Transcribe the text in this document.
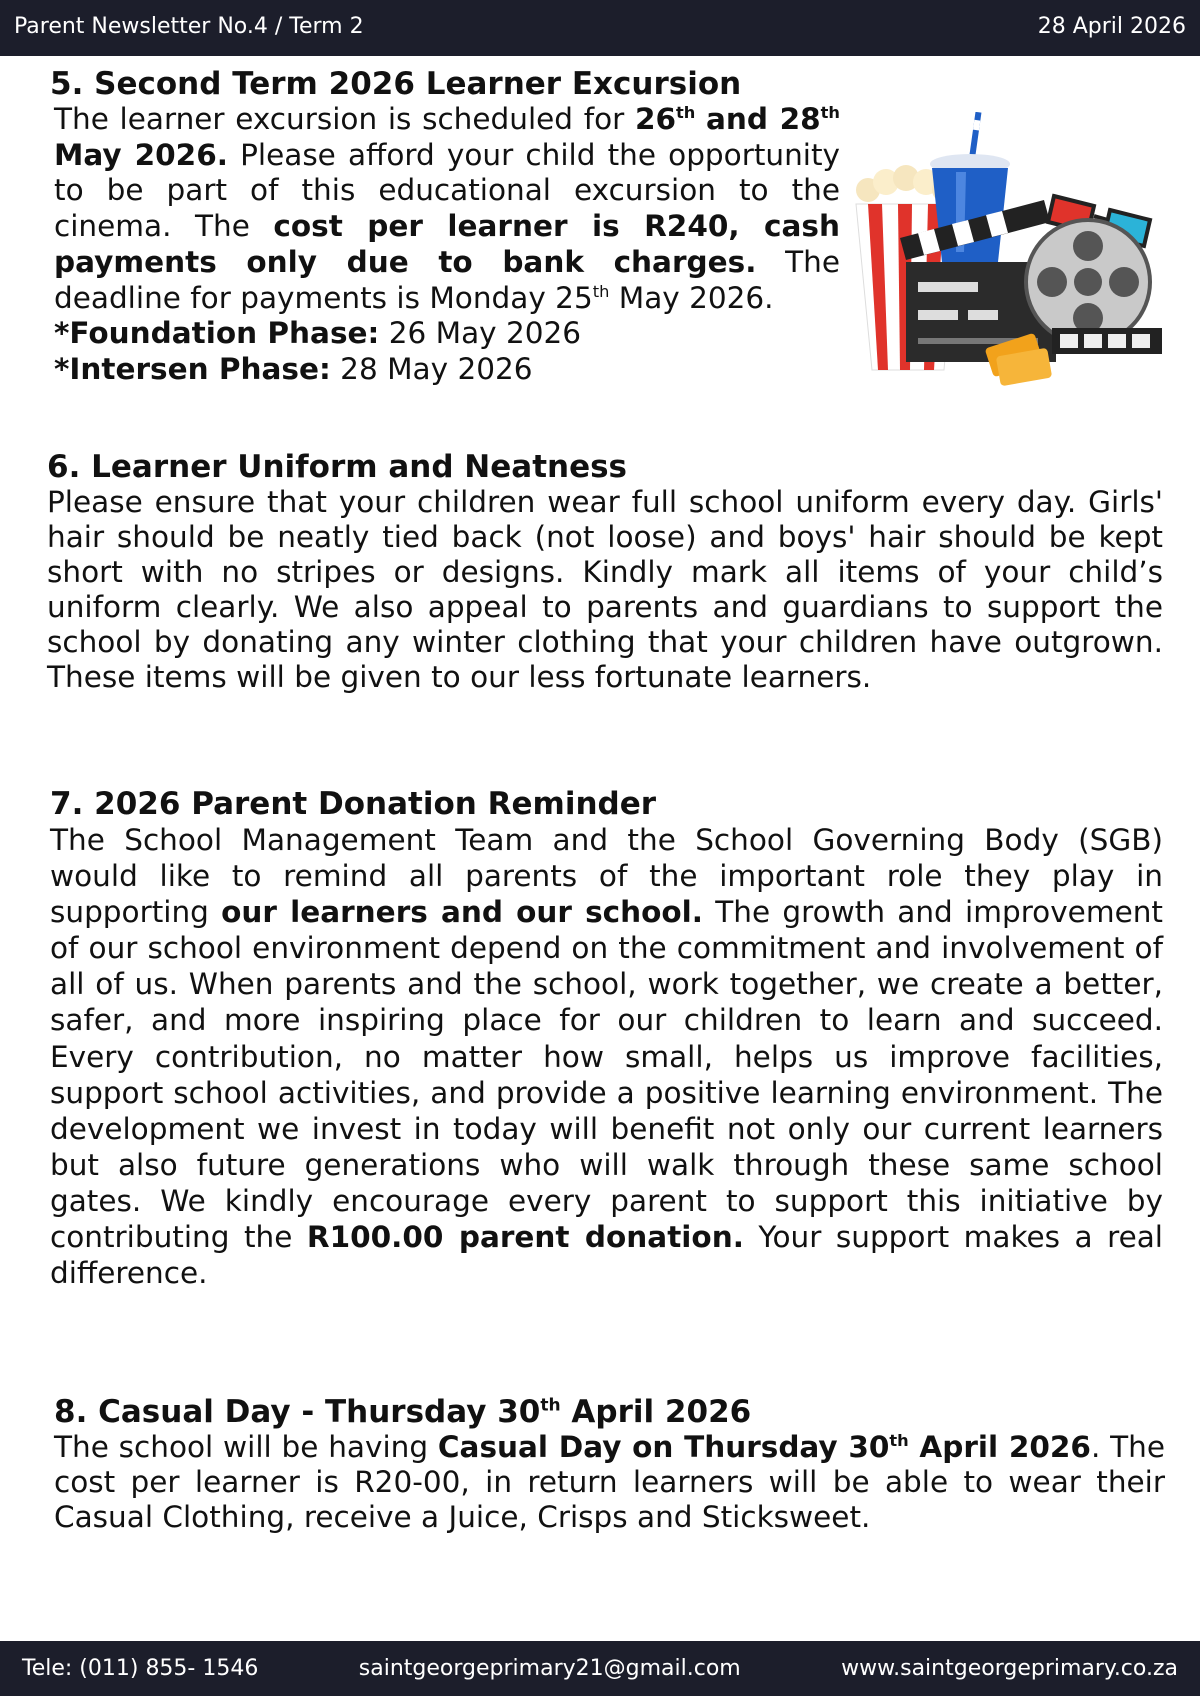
Parent Newsletter No.4 / Term 2	28 April 2026
5. Second Term 2026 Learner Excursion
The learner excursion is scheduled for 26th and 28th May 2026. Please afford your child the opportunity to be part of this educational excursion to the cinema. The cost per learner is R240, cash payments only due to bank charges. The deadline for payments is Monday 25th May 2026.
*Foundation Phase: 26 May 2026
*Intersen Phase: 28 May 2026
6. Learner Uniform and Neatness
Please ensure that your children wear full school uniform every day. Girls' hair should be neatly tied back (not loose) and boys' hair should be kept short with no stripes or designs. Kindly mark all items of your child’s uniform clearly. We also appeal to parents and guardians to support the school by donating any winter clothing that your children have outgrown. These items will be given to our less fortunate learners.
7. 2026 Parent Donation Reminder
The School Management Team and the School Governing Body (SGB) would like to remind all parents of the important role they play in supporting our learners and our school. The growth and improvement of our school environment depend on the commitment and involvement of all of us. When parents and the school, work together, we create a better, safer, and more inspiring place for our children to learn and succeed. Every contribution, no matter how small, helps us improve facilities, support school activities, and provide a positive learning environment. The development we invest in today will benefit not only our current learners but also future generations who will walk through these same school gates. We kindly encourage every parent to support this initiative by contributing the R100.00 parent donation. Your support makes a real difference.
8. Casual Day - Thursday 30th April 2026
The school will be having Casual Day on Thursday 30th April 2026. The cost per learner is R20-00, in return learners will be able to wear their Casual Clothing, receive a Juice, Crisps and Sticksweet.
Tele: (011) 855- 1546	saintgeorgeprimary21@gmail.com	www.saintgeorgeprimary.co.za
